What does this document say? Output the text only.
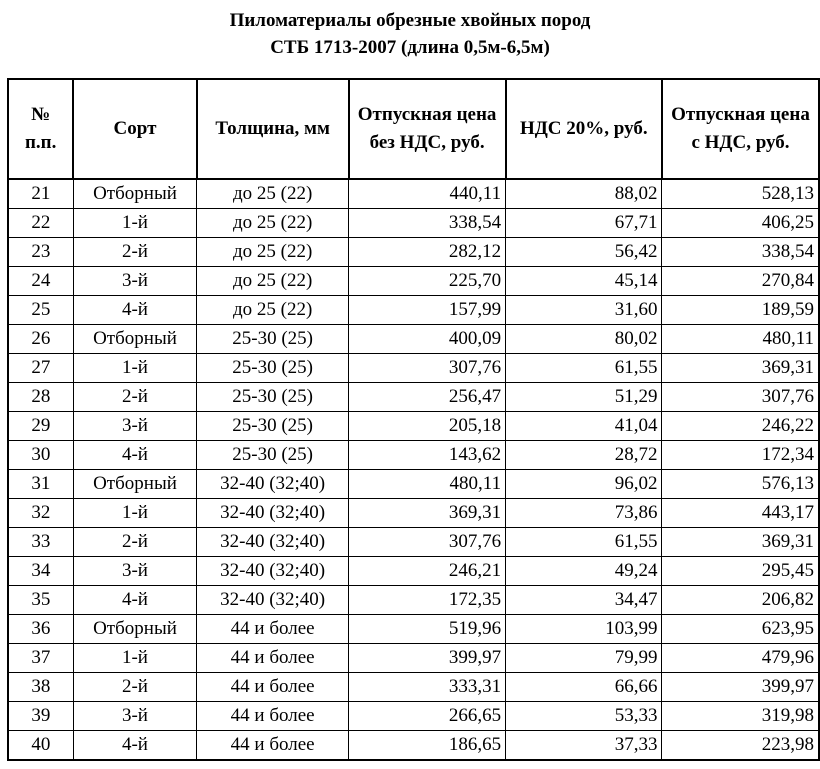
Пиломатериалы обрезные хвойных пород
СТБ 1713-2007 (длина 0,5м-6,5м)
№ п.п.	Сорт	Толщина, мм	Отпускная цена без НДС, руб.	НДС 20%, руб.	Отпускная цена с НДС, руб.
21	Отборный	до 25 (22)	440,11	88,02	528,13
22	1-й	до 25 (22)	338,54	67,71	406,25
23	2-й	до 25 (22)	282,12	56,42	338,54
24	3-й	до 25 (22)	225,70	45,14	270,84
25	4-й	до 25 (22)	157,99	31,60	189,59
26	Отборный	25-30 (25)	400,09	80,02	480,11
27	1-й	25-30 (25)	307,76	61,55	369,31
28	2-й	25-30 (25)	256,47	51,29	307,76
29	3-й	25-30 (25)	205,18	41,04	246,22
30	4-й	25-30 (25)	143,62	28,72	172,34
31	Отборный	32-40 (32;40)	480,11	96,02	576,13
32	1-й	32-40 (32;40)	369,31	73,86	443,17
33	2-й	32-40 (32;40)	307,76	61,55	369,31
34	3-й	32-40 (32;40)	246,21	49,24	295,45
35	4-й	32-40 (32;40)	172,35	34,47	206,82
36	Отборный	44 и более	519,96	103,99	623,95
37	1-й	44 и более	399,97	79,99	479,96
38	2-й	44 и более	333,31	66,66	399,97
39	3-й	44 и более	266,65	53,33	319,98
40	4-й	44 и более	186,65	37,33	223,98
